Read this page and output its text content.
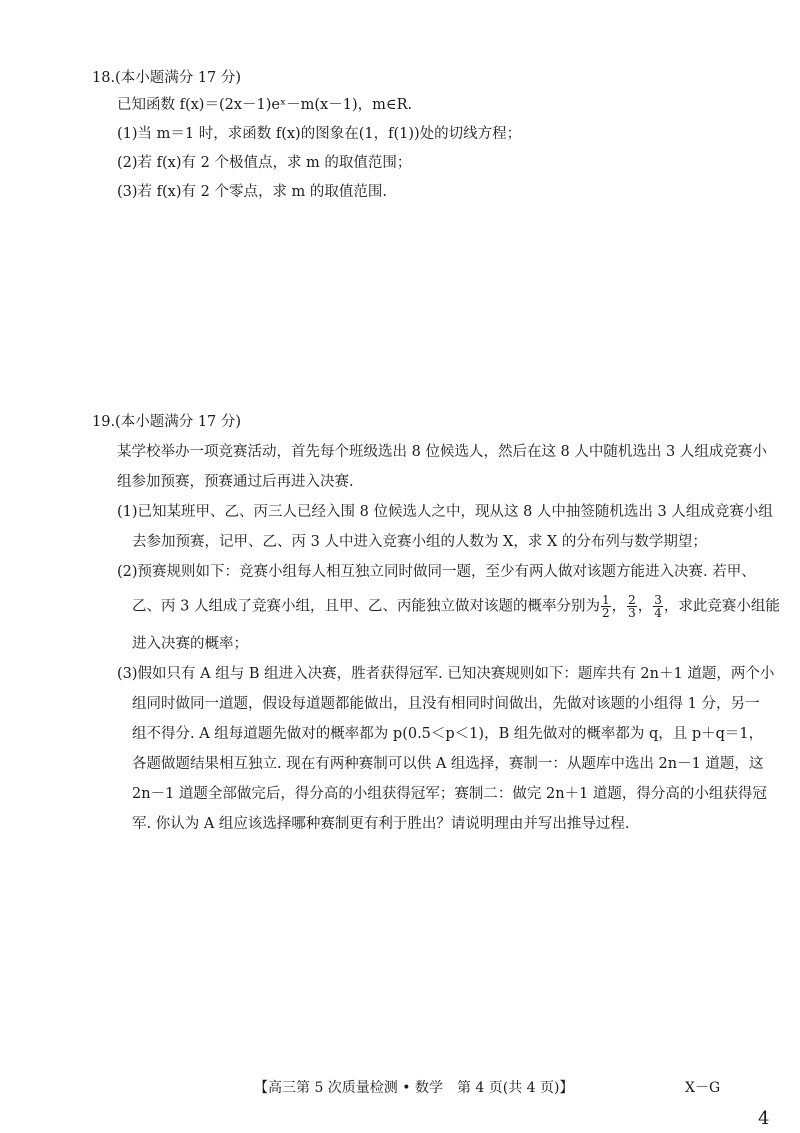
18.(本小题满分 17 分)
已知函数 f(x)＝(2x－1)eˣ－m(x－1)，m∈R.
(1)当 m＝1 时，求函数 f(x)的图象在(1，f(1))处的切线方程；
(2)若 f(x)有 2 个极值点，求 m 的取值范围；
(3)若 f(x)有 2 个零点，求 m 的取值范围.
19.(本小题满分 17 分)
某学校举办一项竞赛活动，首先每个班级选出 8 位候选人，然后在这 8 人中随机选出 3 人组成竞赛小
组参加预赛，预赛通过后再进入决赛.
(1)已知某班甲、乙、丙三人已经入围 8 位候选人之中，现从这 8 人中抽签随机选出 3 人组成竞赛小组
去参加预赛，记甲、乙、丙 3 人中进入竞赛小组的人数为 X，求 X 的分布列与数学期望；
(2)预赛规则如下：竞赛小组每人相互独立同时做同一题，至少有两人做对该题方能进入决赛. 若甲、
乙、丙 3 人组成了竞赛小组，且甲、乙、丙能独立做对该题的概率分别为 $\frac{1}{2}$ ， $\frac{2}{3}$ ， $\frac{3}{4}$ ，求此竞赛小组能
进入决赛的概率；
(3)假如只有 A 组与 B 组进入决赛，胜者获得冠军. 已知决赛规则如下：题库共有 2n＋1 道题，两个小
组同时做同一道题，假设每道题都能做出，且没有相同时间做出，先做对该题的小组得 1 分，另一
组不得分. A 组每道题先做对的概率都为 p(0.5＜p＜1)，B 组先做对的概率都为 q，且 p＋q＝1，
各题做题结果相互独立. 现在有两种赛制可以供 A 组选择，赛制一：从题库中选出 2n－1 道题，这
2n－1 道题全部做完后，得分高的小组获得冠军；赛制二：做完 2n＋1 道题，得分高的小组获得冠
军. 你认为 A 组应该选择哪种赛制更有利于胜出？请说明理由并写出推导过程.
【高三第 5 次质量检测 • 数学　第 4 页(共 4 页)】	X－G
4
